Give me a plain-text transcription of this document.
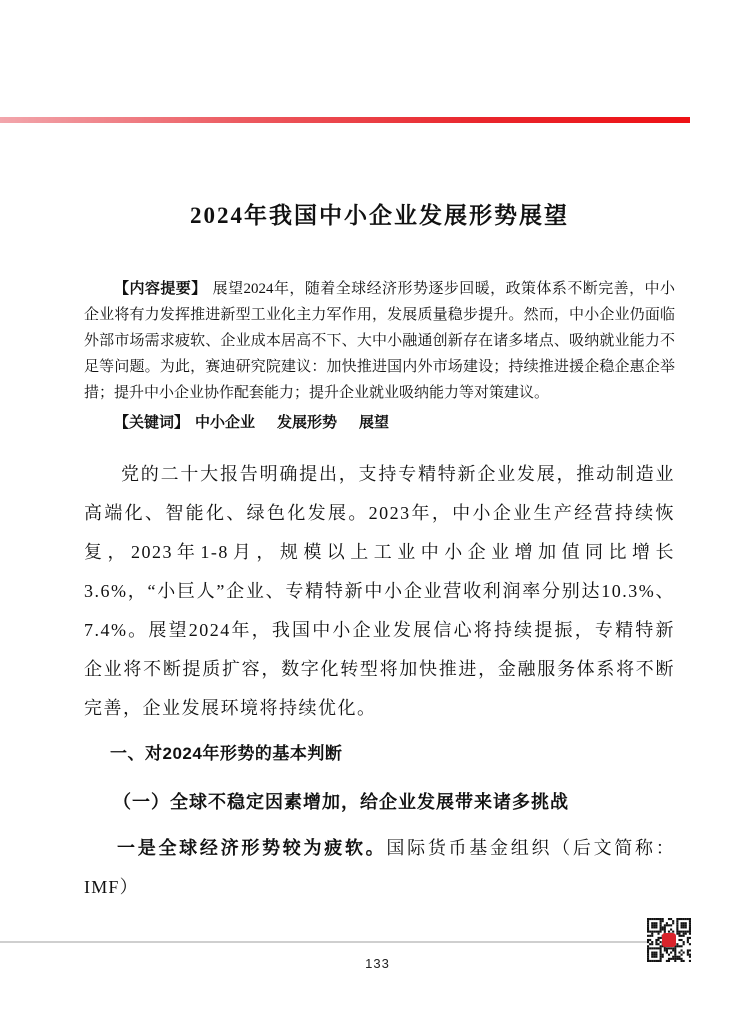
2024年我国中小企业发展形势展望

【内容提要】 展望2024年，随着全球经济形势逐步回暖，政策体系不断完善，中小企业将有力发挥推进新型工业化主力军作用，发展质量稳步提升。然而，中小企业仍面临外部市场需求疲软、企业成本居高不下、大中小融通创新存在诸多堵点、吸纳就业能力不足等问题。为此，赛迪研究院建议：加快推进国内外市场建设；持续推进援企稳企惠企举措；提升中小企业协作配套能力；提升企业就业吸纳能力等对策建议。

【关键词】 中小企业 发展形势 展望

党的二十大报告明确提出，支持专精特新企业发展，推动制造业高端化、智能化、绿色化发展。2023年，中小企业生产经营持续恢复，2023年1-8月，规模以上工业中小企业增加值同比增长3.6%，“小巨人”企业、专精特新中小企业营收利润率分别达10.3%、7.4%。展望2024年，我国中小企业发展信心将持续提振，专精特新企业将不断提质扩容，数字化转型将加快推进，金融服务体系将不断完善，企业发展环境将持续优化。

一、对2024年形势的基本判断
（一）全球不稳定因素增加，给企业发展带来诸多挑战

一是全球经济形势较为疲软。国际货币基金组织（后文简称：IMF）

133
